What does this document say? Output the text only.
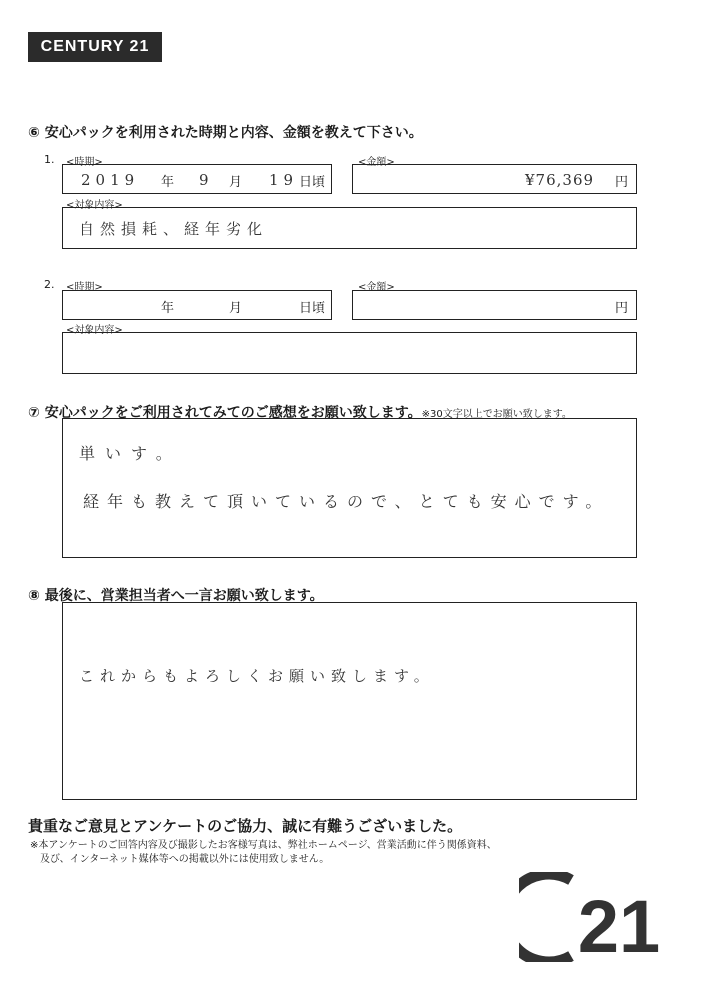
CENTURY 21
⑥ 安心パックを利用された時期と内容、金額を教えて下さい。
1. <時期>	<金額>
2019 年 9 月 19 日頃	¥76,369 円
<対象内容>
自然損耗、経年劣化
2. <時期>	<金額>
年	月	日頃	円
<対象内容>
⑦ 安心パックをご利用されてみてのご感想をお願い致します。※30文字以上でお願い致します。
単いす。
経年も教えて頂いているので、とても安心です。
⑧ 最後に、営業担当者へ一言お願い致します。
これからもよろしくお願い致します。
貴重なご意見とアンケートのご協力、誠に有難うございました。
※本アンケートのご回答内容及び撮影したお客様写真は、弊社ホームページ、営業活動に伴う関係資料、
及び、インターネット媒体等への掲載以外には使用致しません。
21
